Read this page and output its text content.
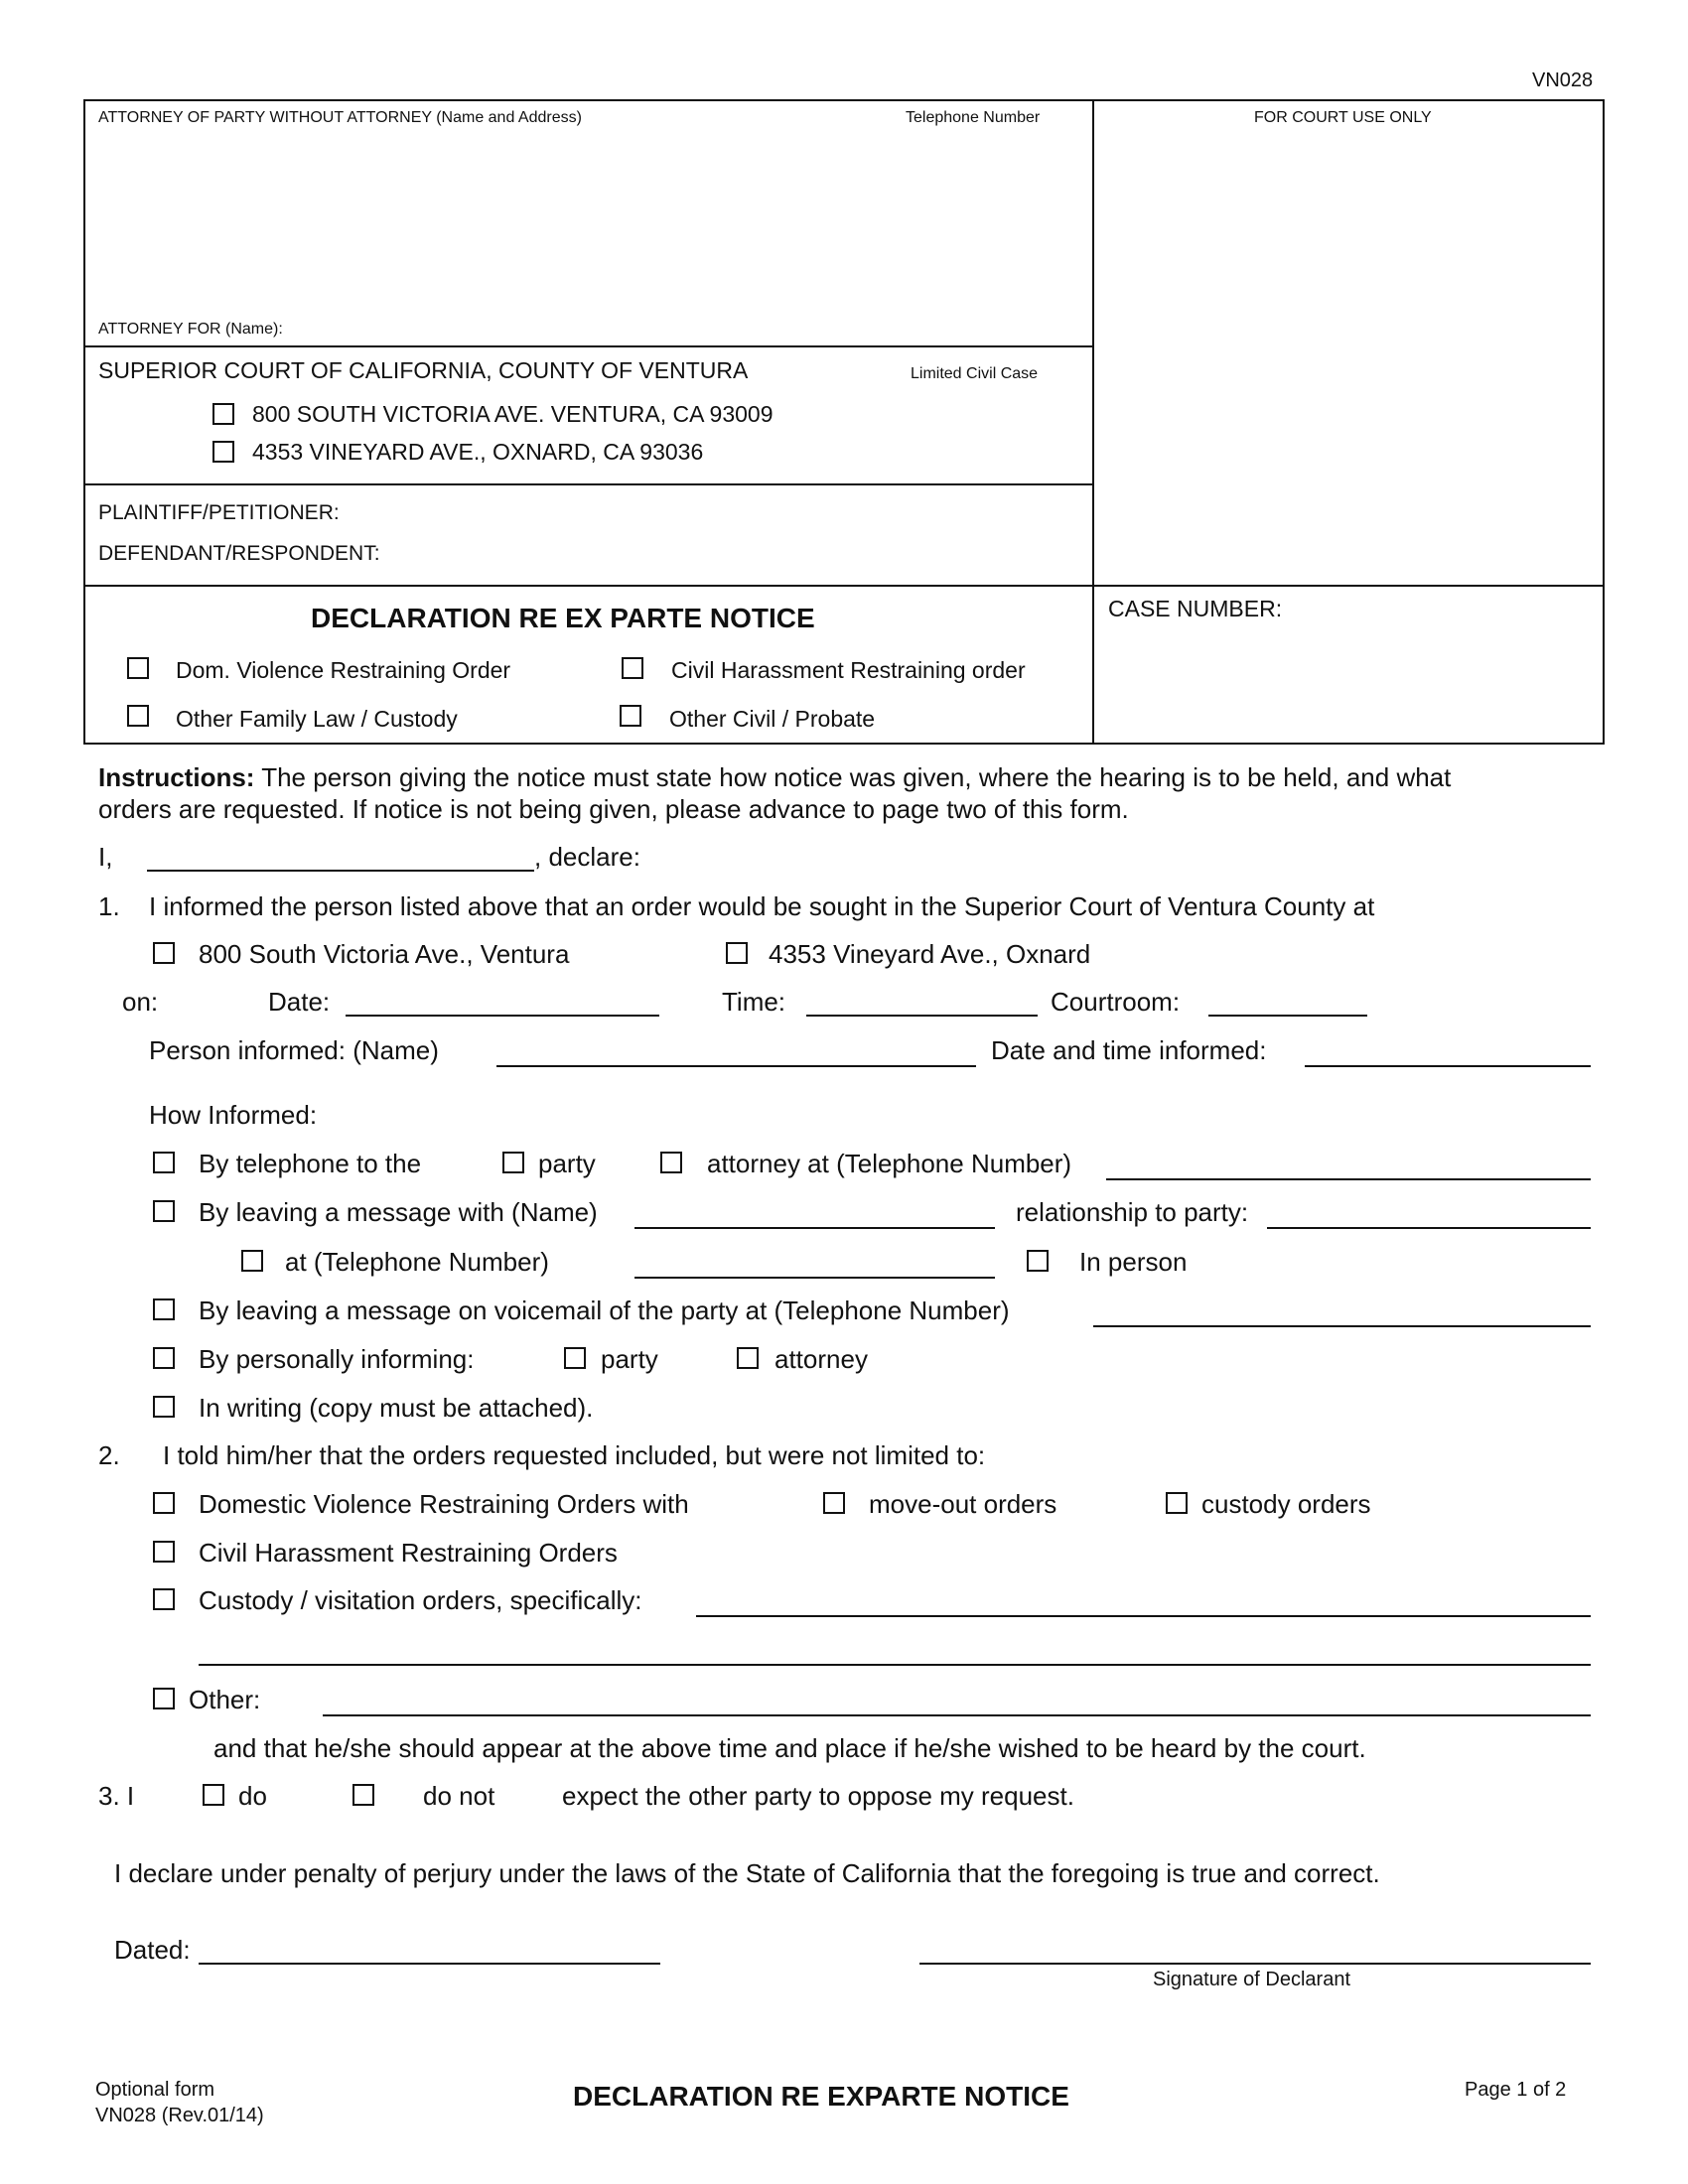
VN028
ATTORNEY OF PARTY WITHOUT ATTORNEY (Name and Address)	Telephone Number	FOR COURT USE ONLY
ATTORNEY FOR (Name):
SUPERIOR COURT OF CALIFORNIA, COUNTY OF VENTURA	Limited Civil Case
800 SOUTH VICTORIA AVE. VENTURA, CA 93009
4353 VINEYARD AVE., OXNARD, CA 93036
PLAINTIFF/PETITIONER:
DEFENDANT/RESPONDENT:
DECLARATION RE EX PARTE NOTICE	CASE NUMBER:
Dom. Violence Restraining Order	Civil Harassment Restraining order
Other Family Law / Custody	Other Civil / Probate
Instructions: The person giving the notice must state how notice was given, where the hearing is to be held, and what
orders are requested. If notice is not being given, please advance to page two of this form.
I,	, declare:
1. I informed the person listed above that an order would be sought in the Superior Court of Ventura County at
800 South Victoria Ave., Ventura	4353 Vineyard Ave., Oxnard
on:	Date:	Time:	Courtroom:
Person informed: (Name)	Date and time informed:
How Informed:
By telephone to the	party	attorney at (Telephone Number)
By leaving a message with (Name)	relationship to party:
at (Telephone Number)	In person
By leaving a message on voicemail of the party at (Telephone Number)
By personally informing:	party	attorney
In writing (copy must be attached).
2. I told him/her that the orders requested included, but were not limited to:
Domestic Violence Restraining Orders with	move-out orders	custody orders
Civil Harassment Restraining Orders
Custody / visitation orders, specifically:
Other:
and that he/she should appear at the above time and place if he/she wished to be heard by the court.
3. I	do	do not	expect the other party to oppose my request.
I declare under penalty of perjury under the laws of the State of California that the foregoing is true and correct.
Dated:
Signature of Declarant
Optional form
VN028 (Rev.01/14)
DECLARATION RE EXPARTE NOTICE	Page 1 of 2
